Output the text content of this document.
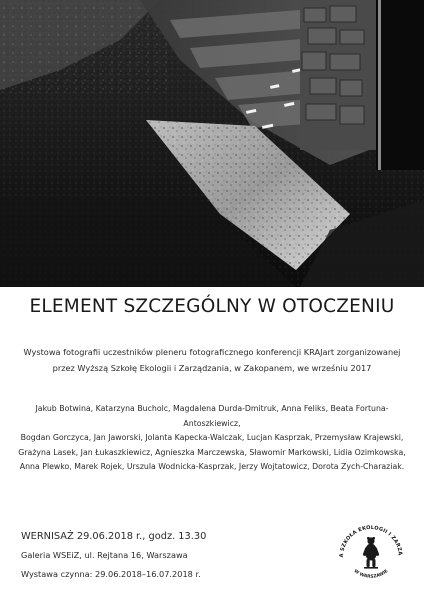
ELEMENT SZCZEGÓLNY W OTOCZENIU
Wystowa fotografii uczestników pleneru fotograficznego konferencji KRAJart zorganizowanej
przez Wyższą Szkołę Ekologii i Zarządzania, w Zakopanem, we wrześniu 2017
Jakub Botwina, Katarzyna Bucholc, Magdalena Durda-Dmitruk, Anna Feliks, Beata Fortuna-Antoszkiewicz,
Bogdan Gorczyca, Jan Jaworski, Jolanta Kapecka-Walczak, Lucjan Kasprzak, Przemysław Krajewski,
Grażyna Lasek, Jan Łukaszkiewicz, Agnieszka Marczewska, Sławomir Markowski, Lidia Ozimkowska,
Anna Plewko, Marek Rojek, Urszula Wodnicka-Kasprzak, Jerzy Wojtatowicz, Dorota Zych-Charaziak.
WERNISAŻ 29.06.2018 r., godz. 13.30
Galeria WSEiZ, ul. Rejtana 16, Warszawa
Wystawa czynna: 29.06.2018–16.07.2018 r.
A SZKOŁA EKOLOGII I ZARZĄ
W WARSZAWIE
